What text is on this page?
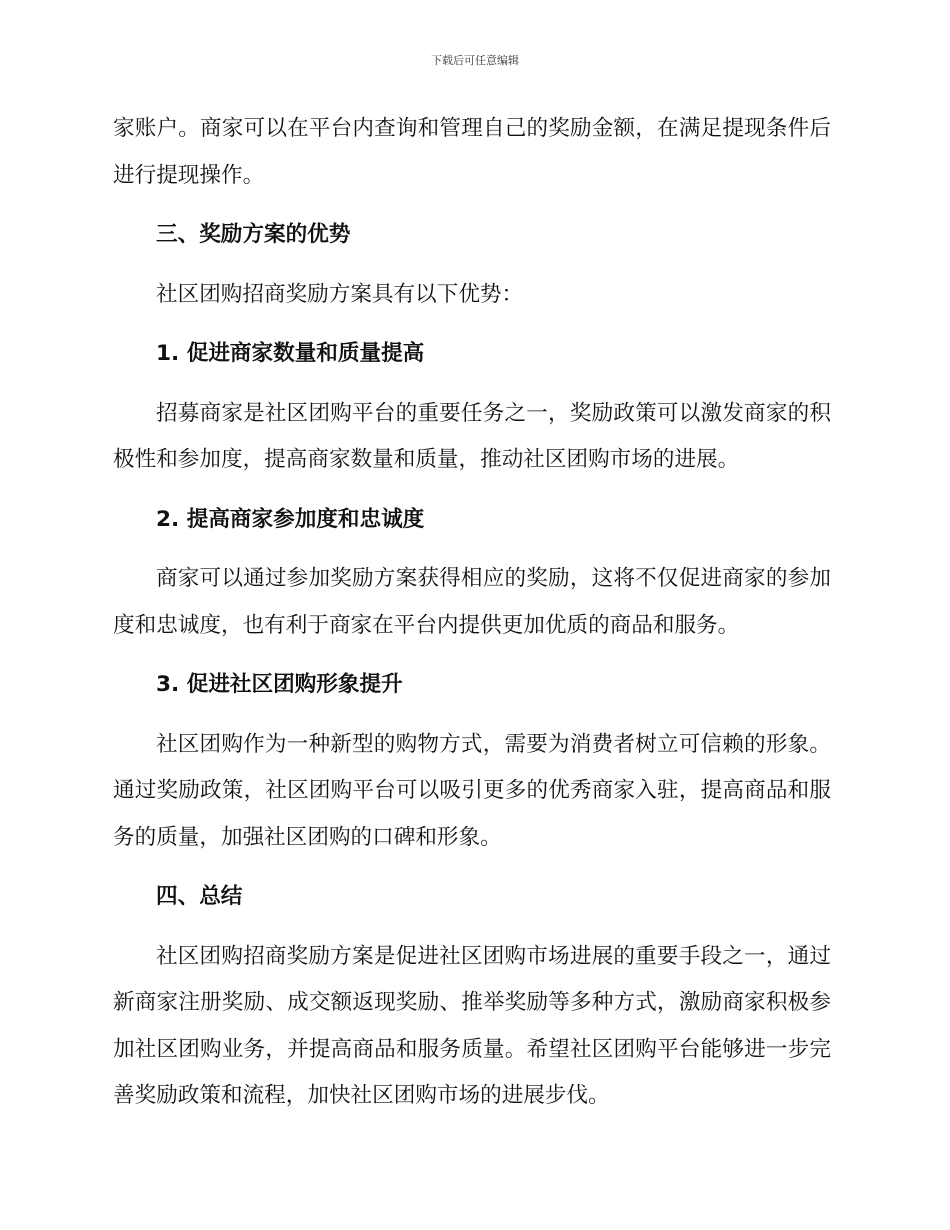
下载后可任意编辑

家账户。商家可以在平台内查询和管理自己的奖励金额，在满足提现条件后进行提现操作。

三、奖励方案的优势

社区团购招商奖励方案具有以下优势：

1. 促进商家数量和质量提高

招募商家是社区团购平台的重要任务之一，奖励政策可以激发商家的积极性和参加度，提高商家数量和质量，推动社区团购市场的进展。

2. 提高商家参加度和忠诚度

商家可以通过参加奖励方案获得相应的奖励，这将不仅促进商家的参加度和忠诚度，也有利于商家在平台内提供更加优质的商品和服务。

3. 促进社区团购形象提升

社区团购作为一种新型的购物方式，需要为消费者树立可信赖的形象。通过奖励政策，社区团购平台可以吸引更多的优秀商家入驻，提高商品和服务的质量，加强社区团购的口碑和形象。

四、总结

社区团购招商奖励方案是促进社区团购市场进展的重要手段之一，通过新商家注册奖励、成交额返现奖励、推举奖励等多种方式，激励商家积极参加社区团购业务，并提高商品和服务质量。希望社区团购平台能够进一步完善奖励政策和流程，加快社区团购市场的进展步伐。
